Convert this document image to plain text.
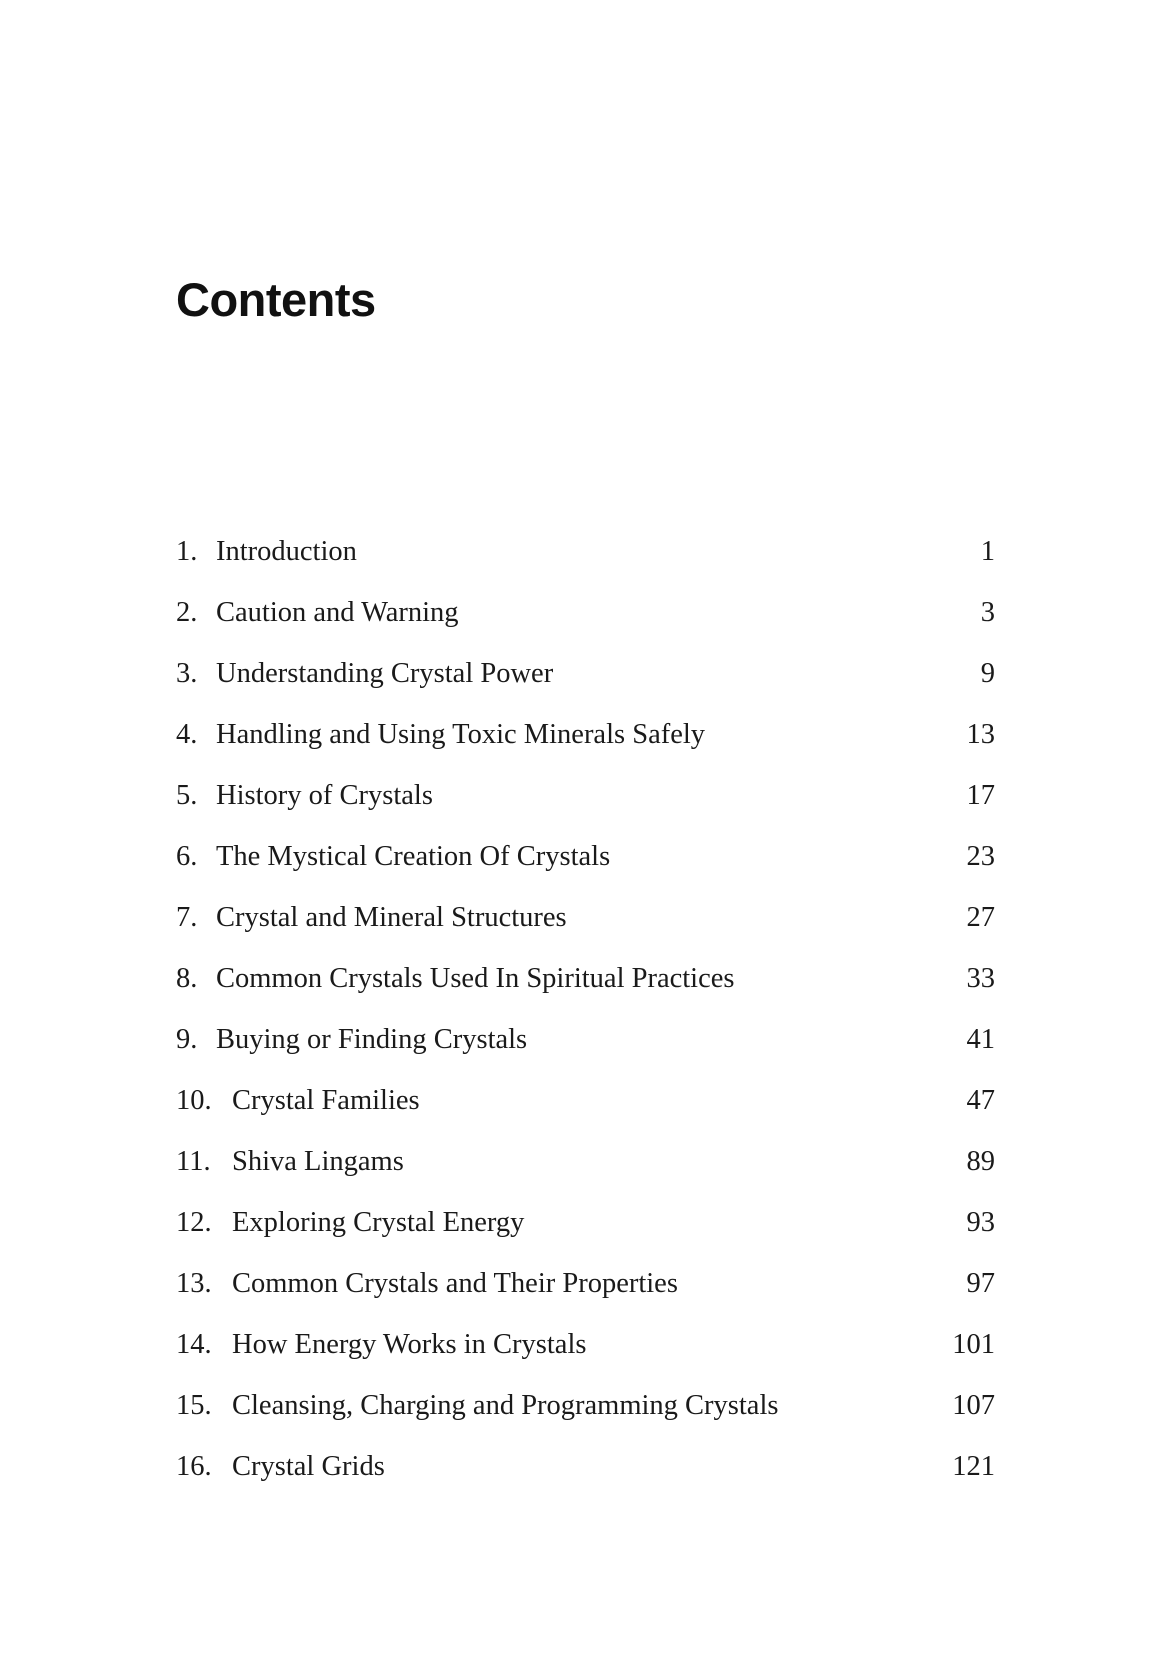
Contents
1. Introduction	1
2. Caution and Warning	3
3. Understanding Crystal Power	9
4. Handling and Using Toxic Minerals Safely	13
5. History of Crystals	17
6. The Mystical Creation Of Crystals	23
7. Crystal and Mineral Structures	27
8. Common Crystals Used In Spiritual Practices	33
9. Buying or Finding Crystals	41
10. Crystal Families	47
11. Shiva Lingams	89
12. Exploring Crystal Energy	93
13. Common Crystals and Their Properties	97
14. How Energy Works in Crystals	101
15. Cleansing, Charging and Programming Crystals	107
16. Crystal Grids	121
